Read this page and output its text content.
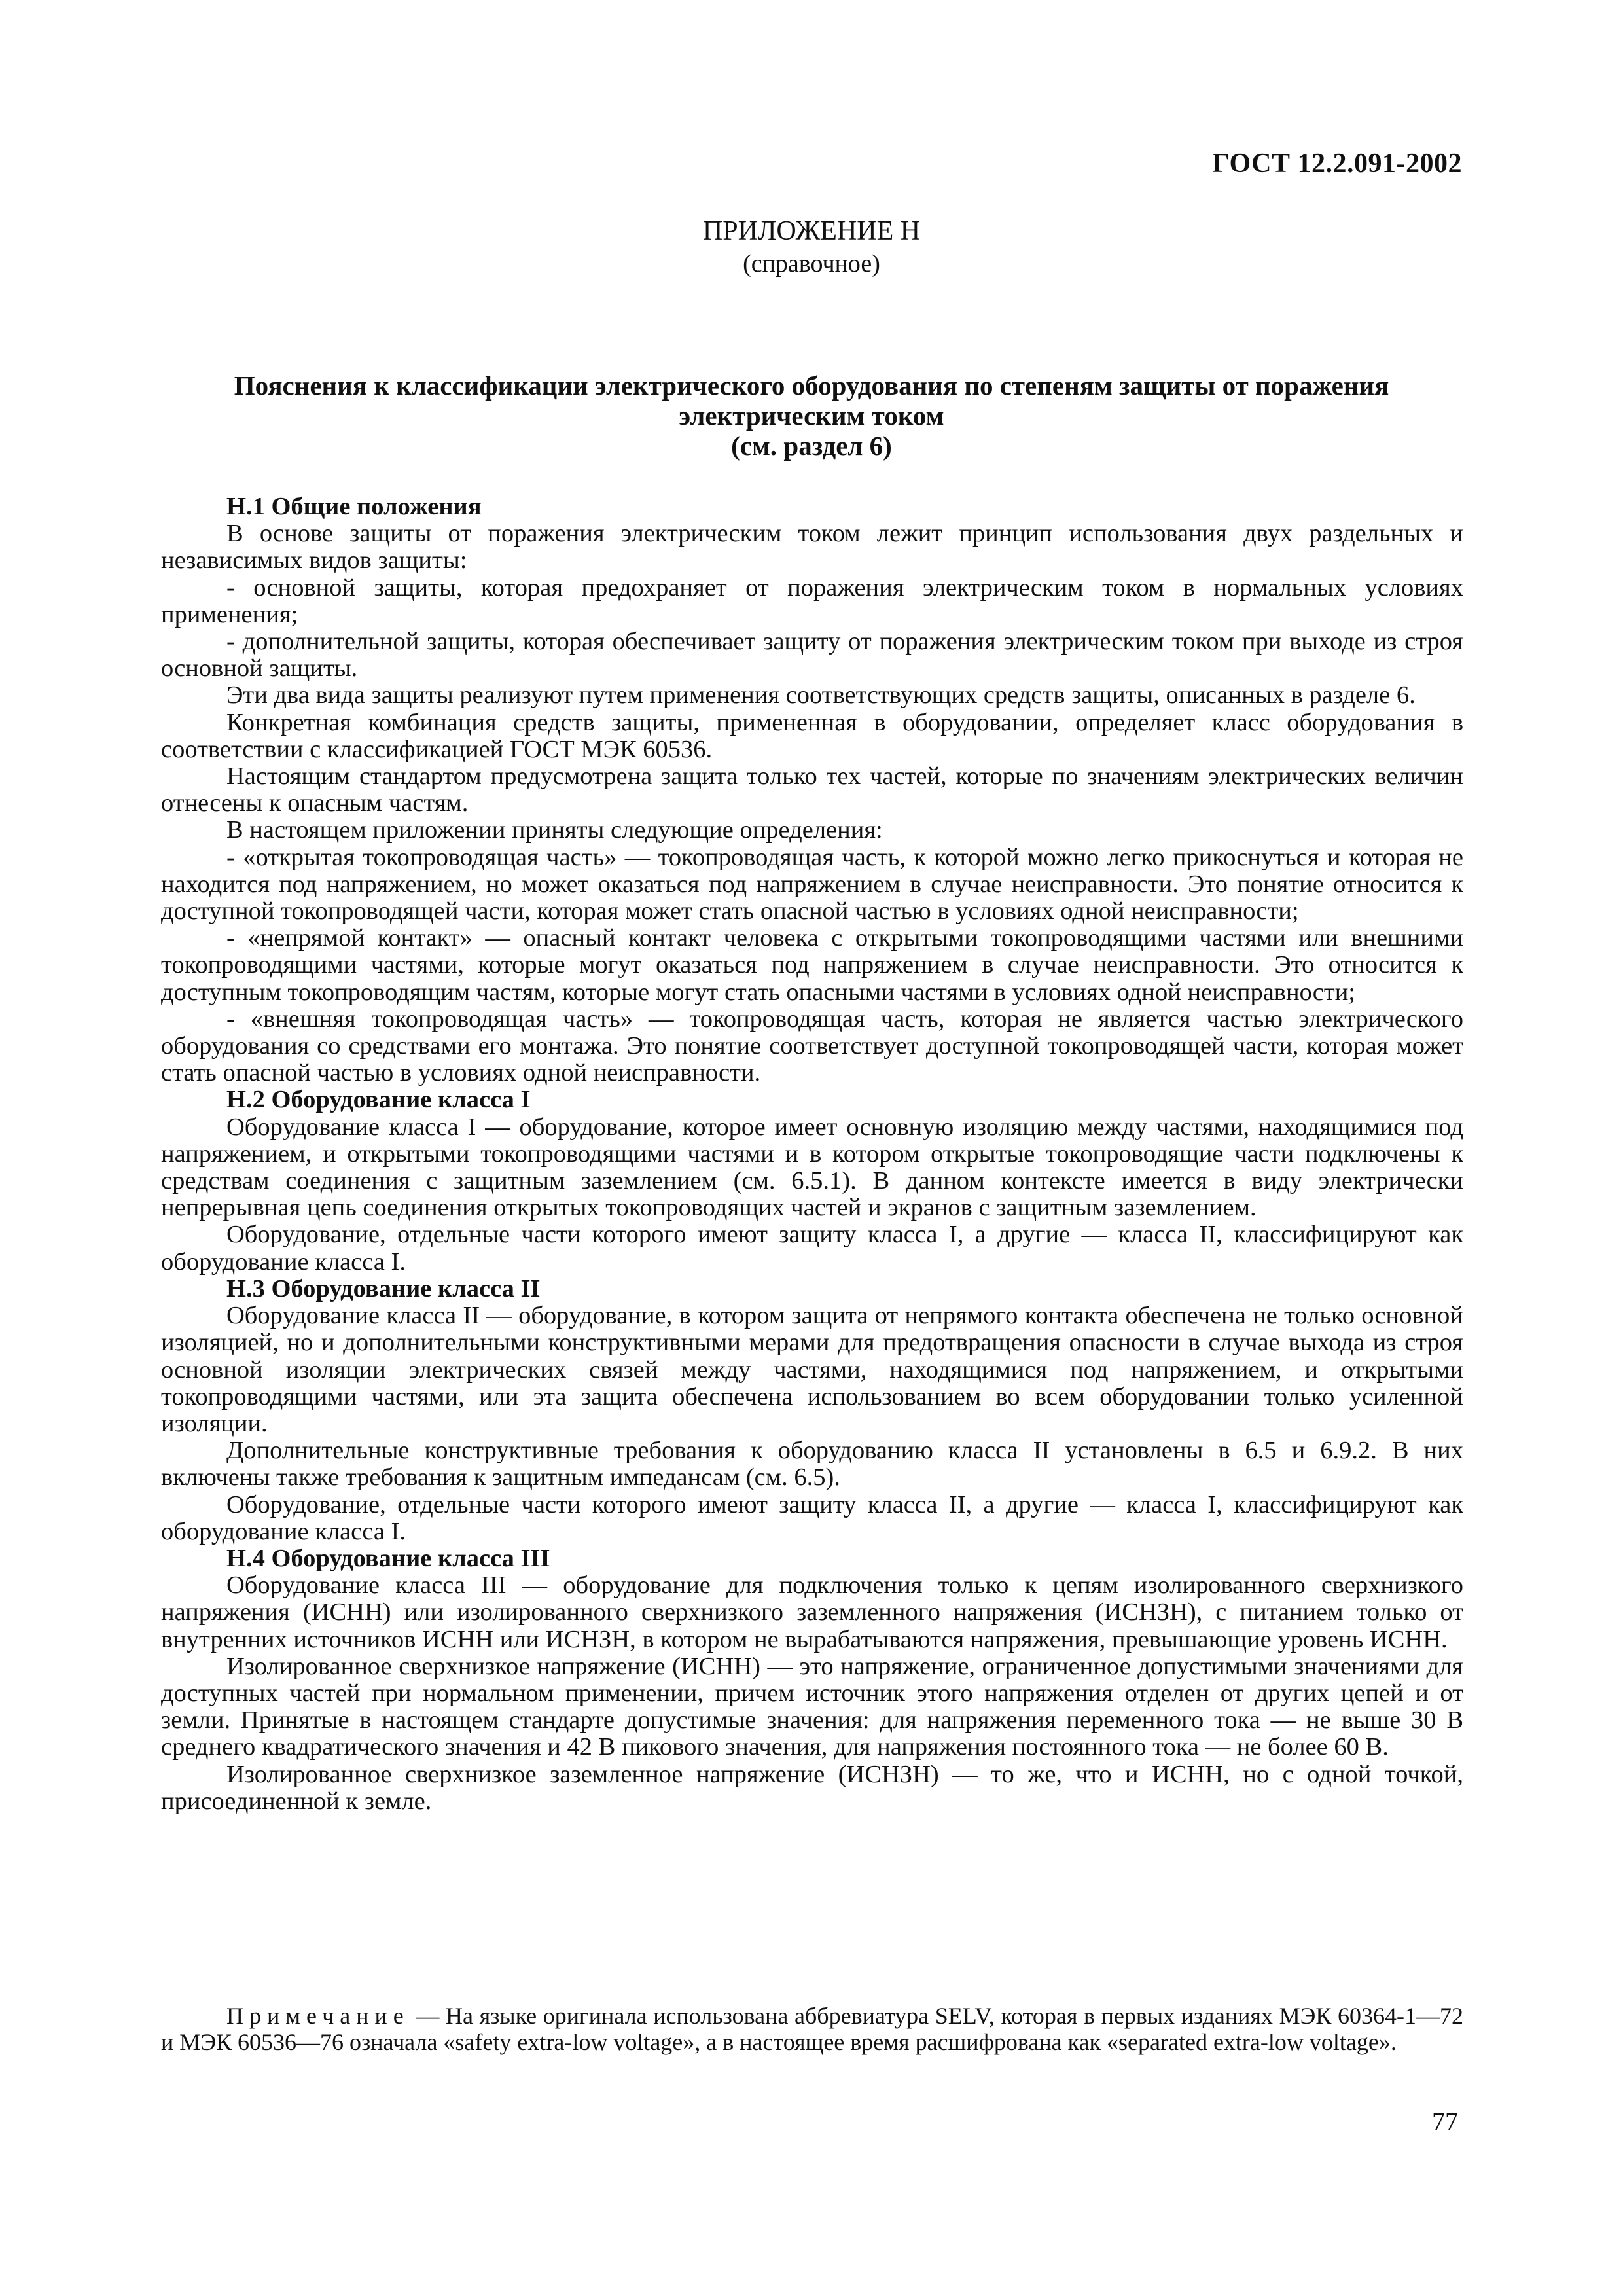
ГОСТ 12.2.091-2002
ПРИЛОЖЕНИЕ Н
(справочное)
Пояснения к классификации электрического оборудования по степеням защиты от поражения
электрическим током
(см. раздел 6)
Н.1 Общие положения

В основе защиты от поражения электрическим током лежит принцип использования двух раздельных и независимых видов защиты:

- основной защиты, которая предохраняет от поражения электрическим током в нормальных условиях применения;

- дополнительной защиты, которая обеспечивает защиту от поражения электрическим током при выходе из строя основной защиты.

Эти два вида защиты реализуют путем применения соответствующих средств защиты, описанных в разделе 6.

Конкретная комбинация средств защиты, примененная в оборудовании, определяет класс оборудования в соответствии с классификацией ГОСТ МЭК 60536.

Настоящим стандартом предусмотрена защита только тех частей, которые по значениям электрических величин отнесены к опасным частям.

В настоящем приложении приняты следующие определения:

- «открытая токопроводящая часть» — токопроводящая часть, к которой можно легко прикоснуться и которая не находится под напряжением, но может оказаться под напряжением в случае неисправности. Это понятие относится к доступной токопроводящей части, которая может стать опасной частью в условиях одной неисправности;

- «непрямой контакт» — опасный контакт человека с открытыми токопроводящими частями или внешними токопроводящими частями, которые могут оказаться под напряжением в случае неисправности. Это относится к доступным токопроводящим частям, которые могут стать опасными частями в условиях одной неисправности;

- «внешняя токопроводящая часть» — токопроводящая часть, которая не является частью электрического оборудования со средствами его монтажа. Это понятие соответствует доступной токопроводящей части, которая может стать опасной частью в условиях одной неисправности.

Н.2 Оборудование класса I

Оборудование класса I — оборудование, которое имеет основную изоляцию между частями, находящимися под напряжением, и открытыми токопроводящими частями и в котором открытые токопроводящие части подключены к средствам соединения с защитным заземлением (см. 6.5.1). В данном контексте имеется в виду электрически непрерывная цепь соединения открытых токопроводящих частей и экранов с защитным заземлением.

Оборудование, отдельные части которого имеют защиту класса I, а другие — класса II, классифицируют как оборудование класса I.

Н.3 Оборудование класса II

Оборудование класса II — оборудование, в котором защита от непрямого контакта обеспечена не только основной изоляцией, но и дополнительными конструктивными мерами для предотвращения опасности в случае выхода из строя основной изоляции электрических связей между частями, находящимися под напряжением, и открытыми токопроводящими частями, или эта защита обеспечена использованием во всем оборудовании только усиленной изоляции.

Дополнительные конструктивные требования к оборудованию класса II установлены в 6.5 и 6.9.2. В них включены также требования к защитным импедансам (см. 6.5).

Оборудование, отдельные части которого имеют защиту класса II, а другие — класса I, классифицируют как оборудование класса I.

Н.4 Оборудование класса III

Оборудование класса III — оборудование для подключения только к цепям изолированного сверхнизкого напряжения (ИСНН) или изолированного сверхнизкого заземленного напряжения (ИСНЗН), с питанием только от внутренних источников ИСНН или ИСНЗН, в котором не вырабатываются напряжения, превышающие уровень ИСНН.

Изолированное сверхнизкое напряжение (ИСНН) — это напряжение, ограниченное допустимыми значениями для доступных частей при нормальном применении, причем источник этого напряжения отделен от других цепей и от земли. Принятые в настоящем стандарте допустимые значения: для напряжения переменного тока — не выше 30 В среднего квадратического значения и 42 В пикового значения, для напряжения постоянного тока — не более 60 В.

Изолированное сверхнизкое заземленное напряжение (ИСНЗН) — то же, что и ИСНН, но с одной точкой, присоединенной к земле.

Примечание — На языке оригинала использована аббревиатура SELV, которая в первых изданиях МЭК 60364-1—72 и МЭК 60536—76 означала «safety extra-low voltage», а в настоящее время расшифрована как «separated extra-low voltage».

77
